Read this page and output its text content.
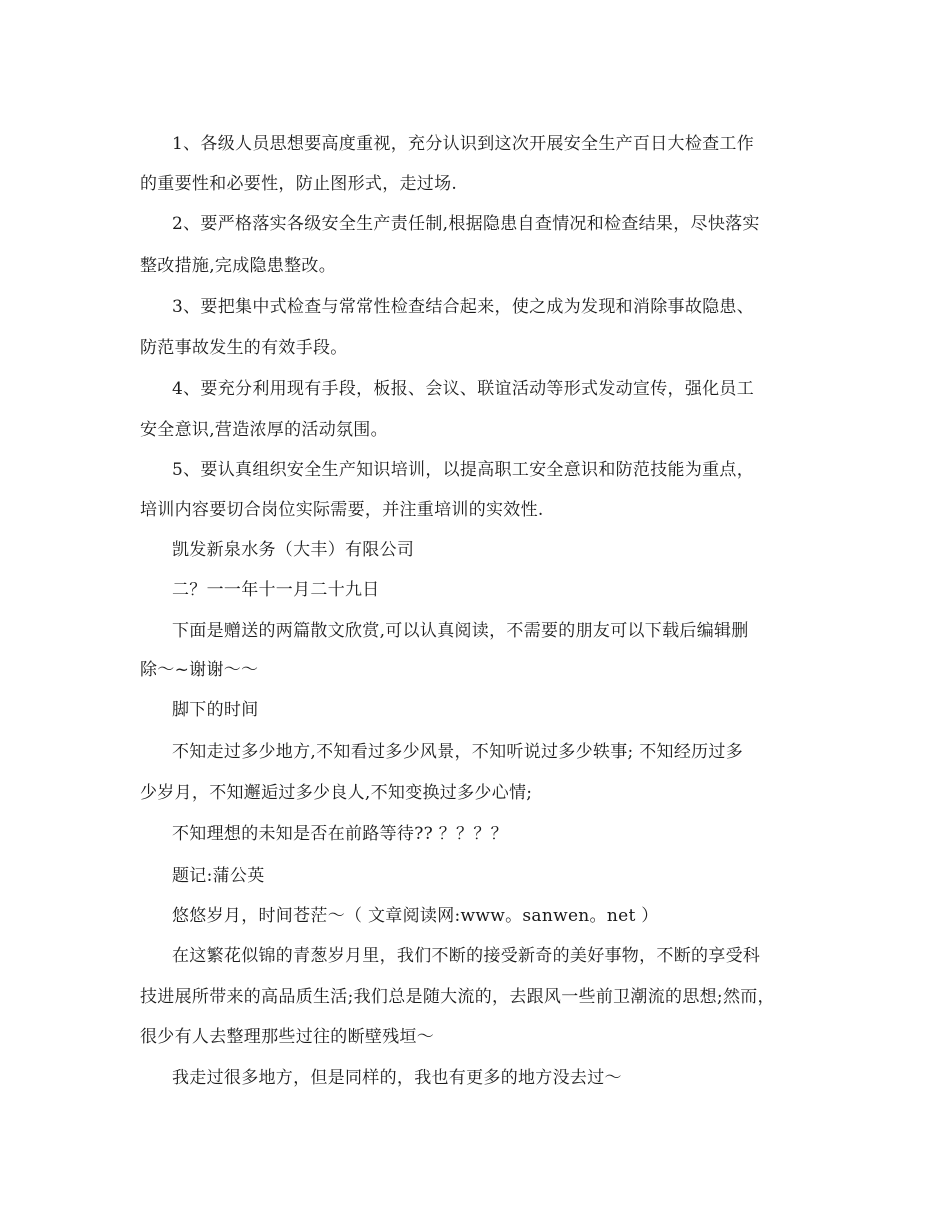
1、各级人员思想要高度重视，充分认识到这次开展安全生产百日大检查工作
的重要性和必要性，防止图形式，走过场.
2、要严格落实各级安全生产责任制,根据隐患自查情况和检查结果，尽快落实
整改措施,完成隐患整改。
3、要把集中式检查与常常性检查结合起来，使之成为发现和消除事故隐患、
防范事故发生的有效手段。
4、要充分利用现有手段，板报、会议、联谊活动等形式发动宣传，强化员工
安全意识,营造浓厚的活动氛围。
5、要认真组织安全生产知识培训，以提高职工安全意识和防范技能为重点，
培训内容要切合岗位实际需要，并注重培训的实效性.
凯发新泉水务（大丰）有限公司
二？一一年十一月二十九日
下面是赠送的两篇散文欣赏,可以认真阅读，不需要的朋友可以下载后编辑删
除～~谢谢～～
脚下的时间
不知走过多少地方,不知看过多少风景，不知听说过多少轶事; 不知经历过多
少岁月，不知邂逅过多少良人,不知变换过多少心情;
不知理想的未知是否在前路等待?? ？？？？
题记:蒲公英
悠悠岁月，时间苍茫～（ 文章阅读网:www。sanwen。net ）
在这繁花似锦的青葱岁月里，我们不断的接受新奇的美好事物，不断的享受科
技进展所带来的高品质生活;我们总是随大流的，去跟风一些前卫潮流的思想;然而，
很少有人去整理那些过往的断壁残垣～
我走过很多地方，但是同样的，我也有更多的地方没去过～
